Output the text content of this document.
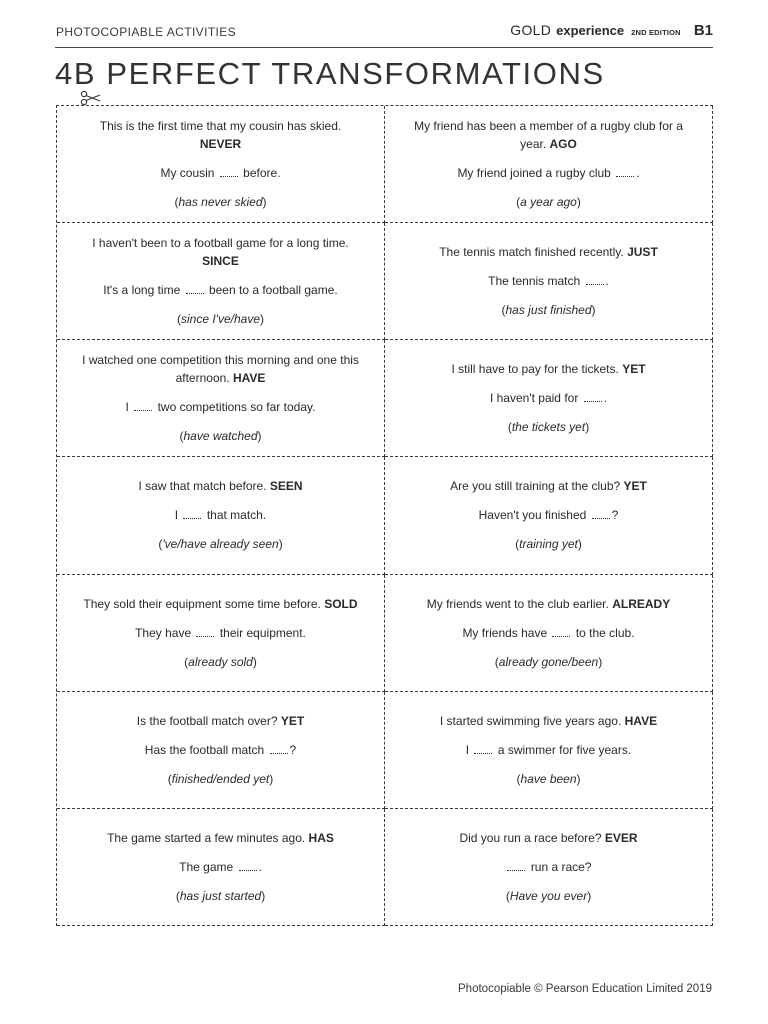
PHOTOCOPIABLE ACTIVITIES	GOLD experience 2ND EDITION B1
4B PERFECT TRANSFORMATIONS
This is the first time that my cousin has skied. NEVER
My cousin before.
(has never skied)
My friend has been a member of a rugby club for a year. AGO
My friend joined a rugby club .
(a year ago)
I haven't been to a football game for a long time. SINCE
It's a long time been to a football game.
(since I've/have)
The tennis match finished recently. JUST
The tennis match .
(has just finished)
I watched one competition this morning and one this afternoon. HAVE
I two competitions so far today.
(have watched)
I still have to pay for the tickets. YET
I haven't paid for .
(the tickets yet)
I saw that match before. SEEN
I that match.
('ve/have already seen)
Are you still training at the club? YET
Haven't you finished ?
(training yet)
They sold their equipment some time before. SOLD
They have their equipment.
(already sold)
My friends went to the club earlier. ALREADY
My friends have to the club.
(already gone/been)
Is the football match over? YET
Has the football match ?
(finished/ended yet)
I started swimming five years ago. HAVE
I a swimmer for five years.
(have been)
The game started a few minutes ago. HAS
The game .
(has just started)
Did you run a race before? EVER
run a race?
(Have you ever)
Photocopiable © Pearson Education Limited 2019
